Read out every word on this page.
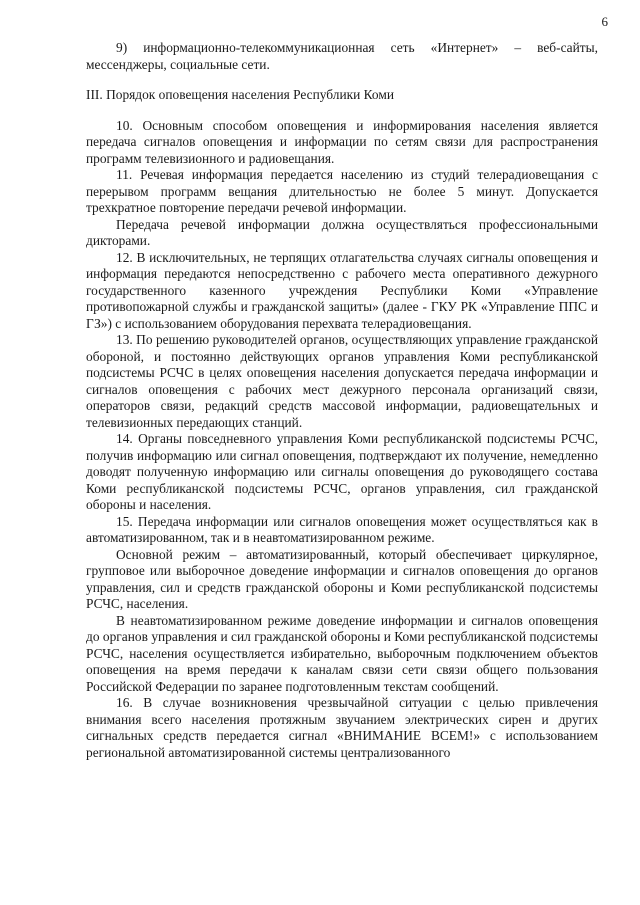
6

9) информационно-телекоммуникационная сеть «Интернет» – веб-сайты, мессенджеры, социальные сети.

III. Порядок оповещения населения Республики Коми

10. Основным способом оповещения и информирования населения является передача сигналов оповещения и информации по сетям связи для распространения программ телевизионного и радиовещания.

11. Речевая информация передается населению из студий телерадиовещания с перерывом программ вещания длительностью не более 5 минут. Допускается трехкратное повторение передачи речевой информации.

Передача речевой информации должна осуществляться профессиональными дикторами.

12. В исключительных, не терпящих отлагательства случаях сигналы оповещения и информация передаются непосредственно с рабочего места оперативного дежурного государственного казенного учреждения Республики Коми «Управление противопожарной службы и гражданской защиты» (далее - ГКУ РК «Управление ППС и ГЗ») с использованием оборудования перехвата телерадиовещания.

13. По решению руководителей органов, осуществляющих управление гражданской обороной, и постоянно действующих органов управления Коми республиканской подсистемы РСЧС в целях оповещения населения допускается передача информации и сигналов оповещения с рабочих мест дежурного персонала организаций связи, операторов связи, редакций средств массовой информации, радиовещательных и телевизионных передающих станций.

14. Органы повседневного управления Коми республиканской подсистемы РСЧС, получив информацию или сигнал оповещения, подтверждают их получение, немедленно доводят полученную информацию или сигналы оповещения до руководящего состава Коми республиканской подсистемы РСЧС, органов управления, сил гражданской обороны и населения.

15. Передача информации или сигналов оповещения может осуществляться как в автоматизированном, так и в неавтоматизированном режиме.

Основной режим – автоматизированный, который обеспечивает циркулярное, групповое или выборочное доведение информации и сигналов оповещения до органов управления, сил и средств гражданской обороны и Коми республиканской подсистемы РСЧС, населения.

В неавтоматизированном режиме доведение информации и сигналов оповещения до органов управления и сил гражданской обороны и Коми республиканской подсистемы РСЧС, населения осуществляется избирательно, выборочным подключением объектов оповещения на время передачи к каналам связи сети связи общего пользования Российской Федерации по заранее подготовленным текстам сообщений.

16. В случае возникновения чрезвычайной ситуации с целью привлечения внимания всего населения протяжным звучанием электрических сирен и других сигнальных средств передается сигнал «ВНИМАНИЕ ВСЕМ!» с использованием региональной автоматизированной системы централизованного
